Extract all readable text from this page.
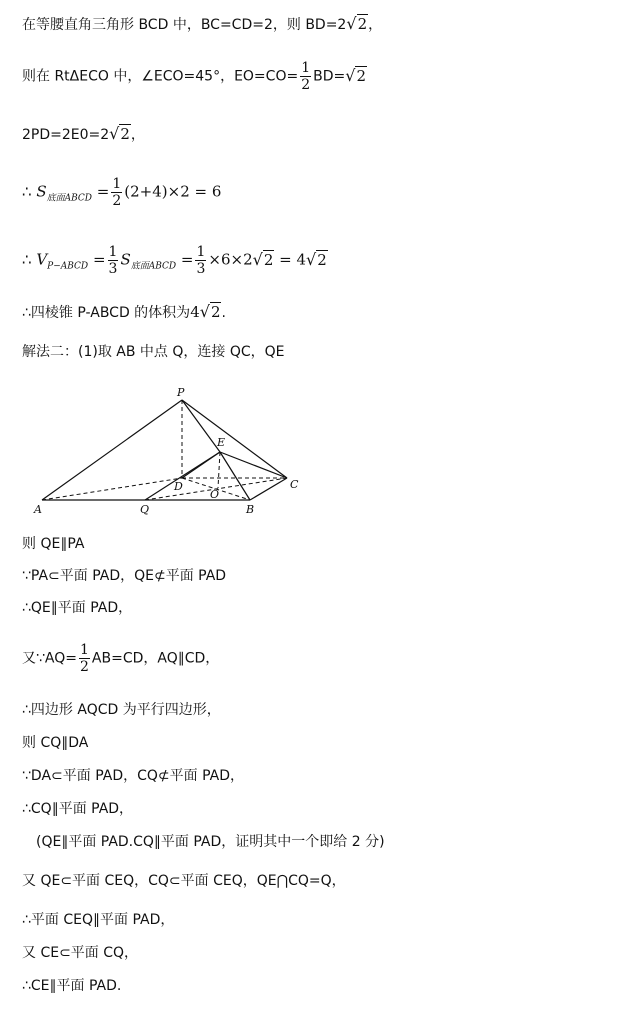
在等腰直角三角形 BCD 中，BC=CD=2，则 BD=2√2，
则在 RtΔECO 中，∠ECO=45°，$EO=CO= \frac{1}{2} BD=√2$
2PD=2E0=2√2，
∴ $S_{底面ABCD} = \frac{1}{2} (2+4)\times 2 = 6$
∴ $V_{P-ABCD} = \frac{1}{3} S_{底面ABCD} = \frac{1}{3} \times 6\times 2√2 = 4√2$
∴四棱锥 P-ABCD 的体积为4√2.
解法二：(1)取 AB 中点 Q，连接 QC，QE
P
E
D
O
C
A	Q	B
则 QE∥PA
∵PA⊂平面 PAD，QE⊄平面 PAD
∴QE∥平面 PAD，
又∵AQ= $\frac{1}{2} AB=CD$，AQ∥CD，
∴四边形 AQCD 为平行四边形，
则 CQ∥DA
∵DA⊂平面 PAD，CQ⊄平面 PAD，
∴CQ∥平面 PAD，
(QE∥平面 PAD.CQ∥平面 PAD，证明其中一个即给 2 分)
又 QE⊂平面 CEQ，CQ⊂平面 CEQ，QE⋂CQ=Q，
∴平面 CEQ∥平面 PAD，
又 CE⊂平面 CQ，
∴CE∥平面 PAD.
